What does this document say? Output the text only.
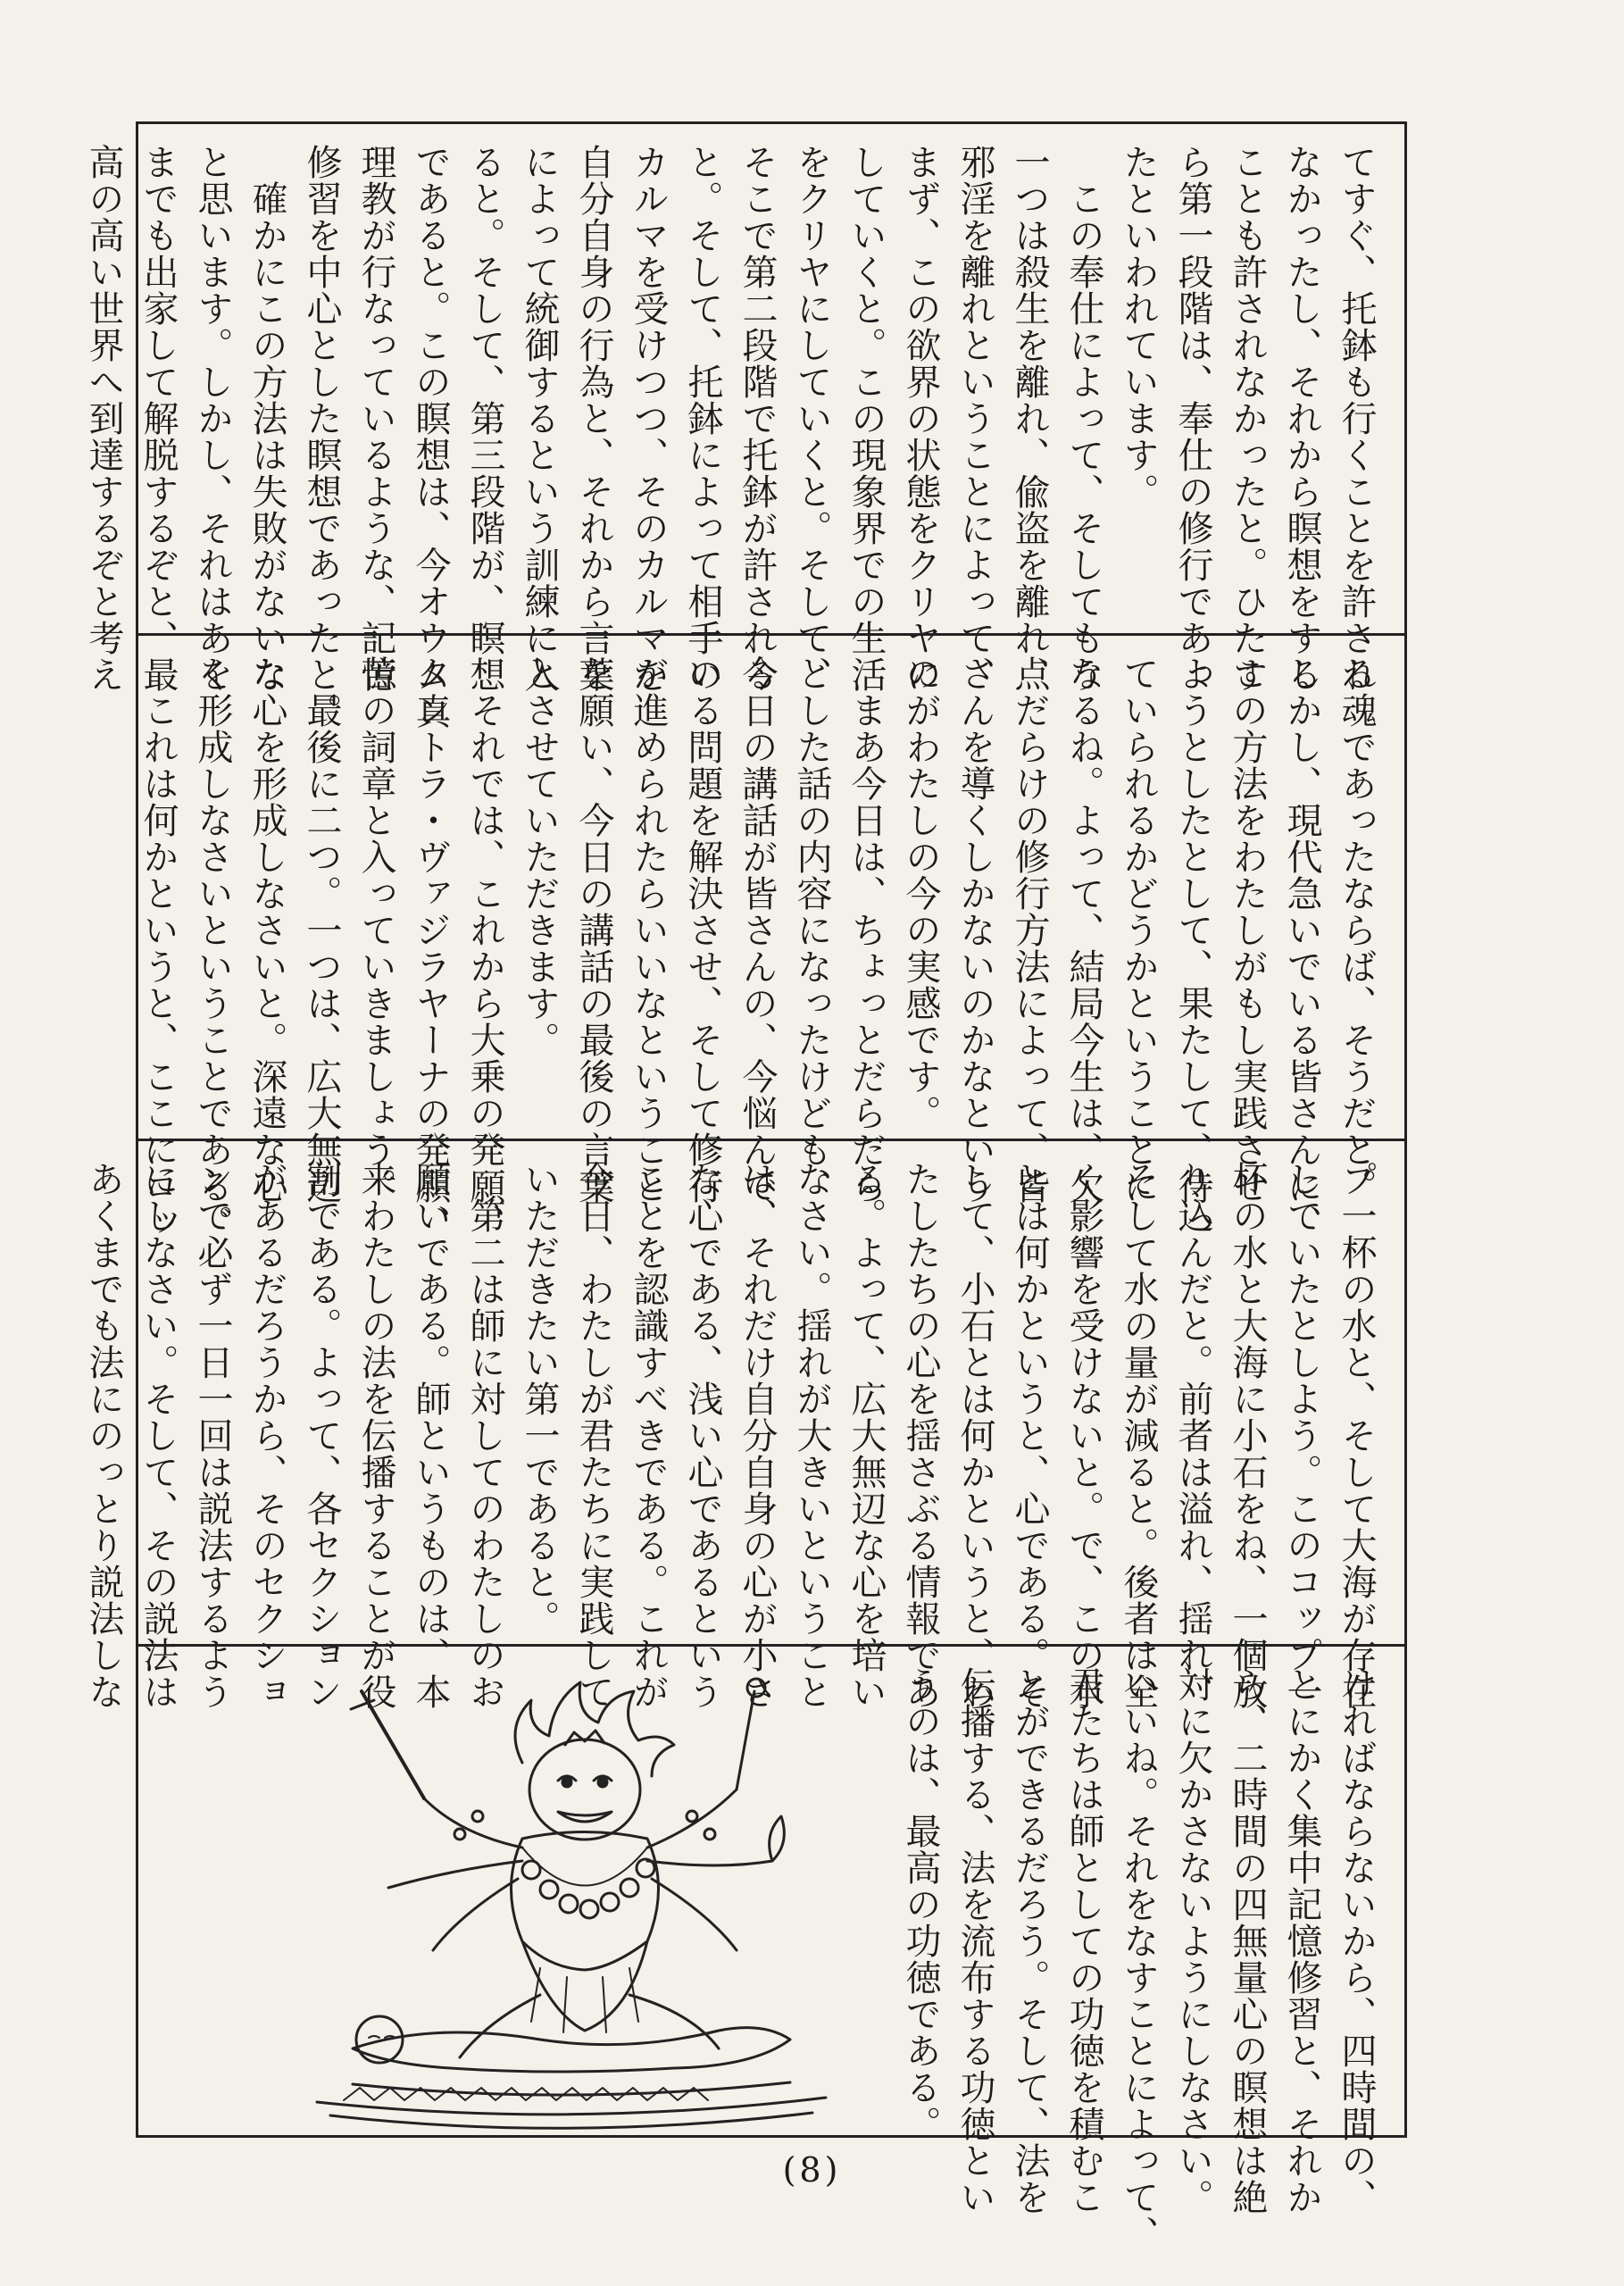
てすぐ、托鉢も行くことを許され
なかったし、それから瞑想をする
ことも許されなかったと。ひたす
ら第一段階は、奉仕の修行であっ
たといわれています。
　この奉仕によって、そしてもう
一つは殺生を離れ、偸盗を離れ、
邪淫を離れということによって、
まず、この欲界の状態をクリヤに
していくと。この現象界での生活
をクリヤにしていくと。そして、
そこで第二段階で托鉢が許される
と。そして、托鉢によって相手の
カルマを受けつつ、そのカルマを
自分自身の行為と、それから言葉
によって統御するという訓練に入
ると。そして、第三段階が、瞑想
であると。この瞑想は、今オウム真
理教が行なっているような、記憶
修習を中心とした瞑想であったと。
　確かにこの方法は失敗がないな
と思います。しかし、それはあく
までも出家して解脱するぞと、最
高の高い世界へ到達するぞと考え
る魂であったならば、そうだと。
しかし、現代急いでいる皆さんに、
この方法をわたしがもし実践させ
ようとしたとして、果たして、待っ
ていられるかどうかということに
なるね。よって、結局今生は、欠
点だらけの修行方法によって、皆
さんを導くしかないのかなという
のがわたしの今の実感です。
　まあ今日は、ちょっとだらだら
とした話の内容になったけども、
今日の講話が皆さんの、今悩んで
いる問題を解決させ、そして修行
が進められたらいいなということ
を願い、今日の講話の最後の言葉
とさせていただきます。
　それでは、これから大乗の発願、
タントラ・ヴァジラヤーナの発願、
苦の詞章と入っていきましょう。
　最後に二つ。一つは、広大無辺
な心を形成しなさいと。深遠な心
を形成しなさいということである。
　これは何かというと、ここにコッ
プ一杯の水と、そして大海が存在
していたとしよう。このコップ一
杯の水と大海に小石をね、一個放
り込んだと。前者は溢れ、揺れ、
そして水の量が減ると。後者は全
く影響を受けないと。で、この水
とは何かというと、心である。そ
して、小石とは何かというと、わ
たしたちの心を揺さぶる情報であ
る。よって、広大無辺な心を培い
なさい。揺れが大きいということ
は、それだけ自分自身の心が小さ
な心である、浅い心であるという
ことを認識すべきである。これが
今日、わたしが君たちに実践して
いただきたい第一であると。
　第二は師に対してのわたしのお
願いである。師というものは、本
来わたしの法を伝播することが役
割である。よって、各セクション
があるだろうから、そのセクショ
ンで必ず一日一回は説法するよう
にしなさい。そして、その説法は
あくまでも法にのっとり説法しな
ければならないから、四時間の、
とにかく集中記憶修習と、それか
ら、二時間の四無量心の瞑想は絶
対に欠かさないようにしなさい。
いいね。それをなすことによって、
君たちは師としての功徳を積むこ
とができるだろう。そして、法を
伝播する、法を流布する功徳とい
うのは、最高の功徳である。
(8)
